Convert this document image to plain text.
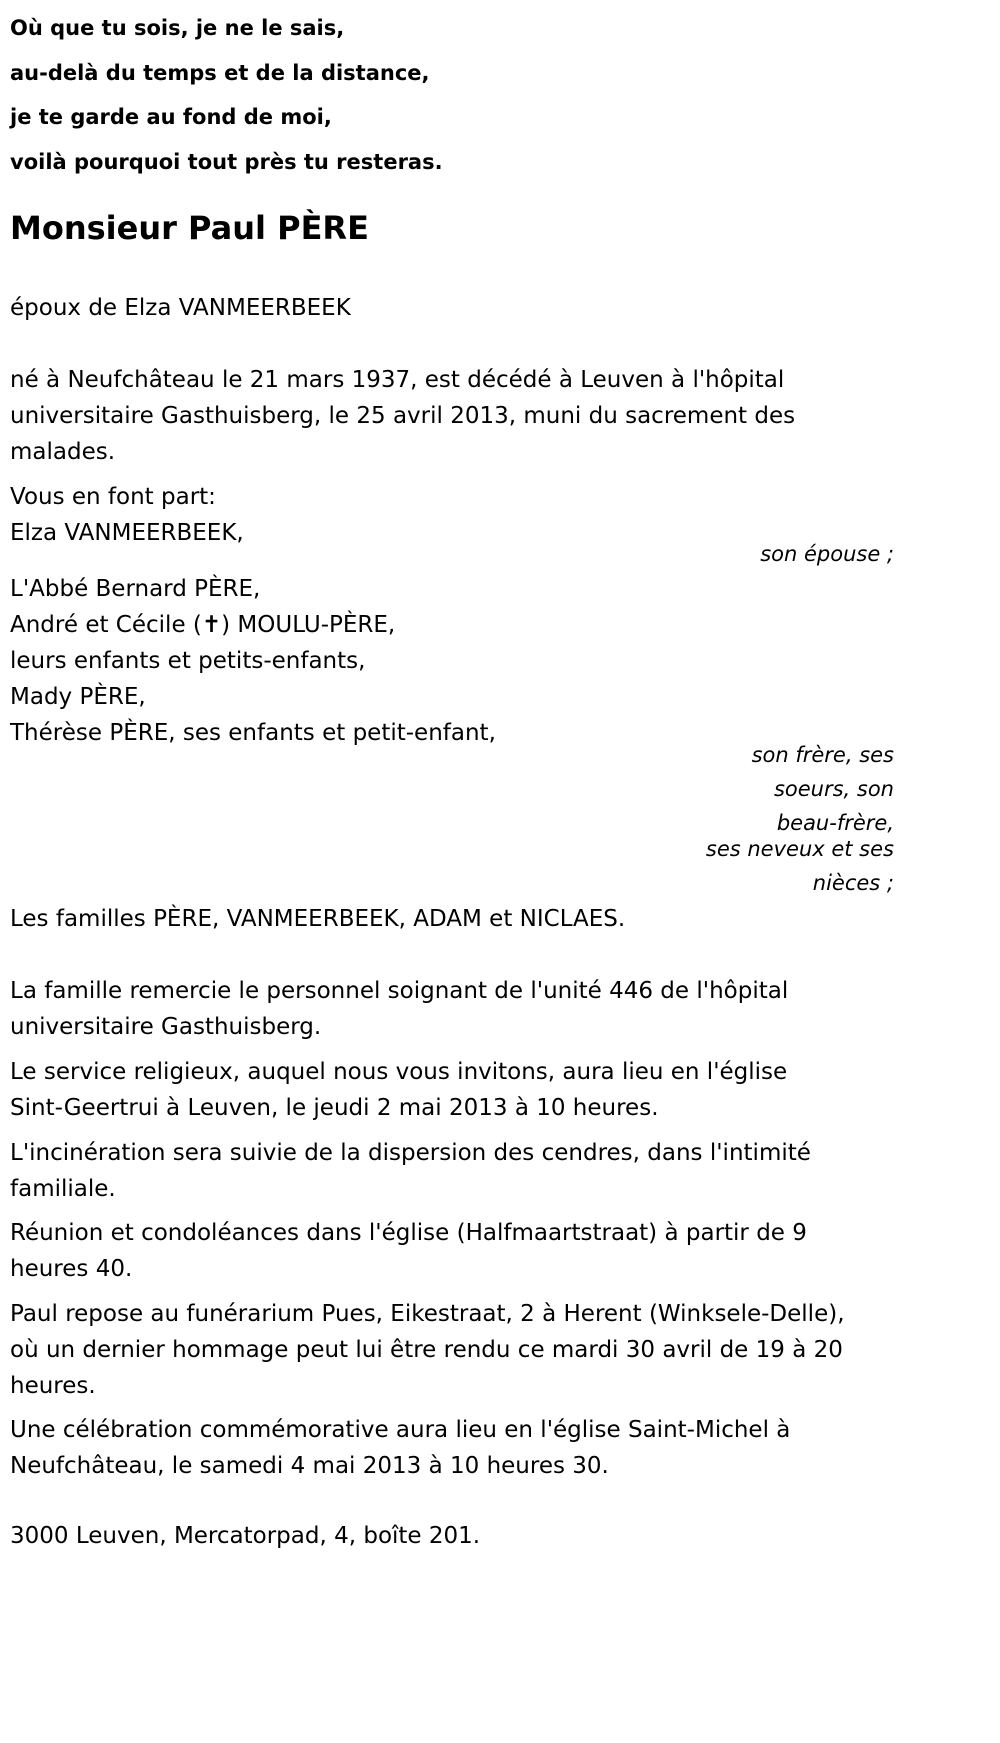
Où que tu sois, je ne le sais,
au-delà du temps et de la distance,
je te garde au fond de moi,
voilà pourquoi tout près tu resteras.
Monsieur Paul PÈRE
époux de Elza VANMEERBEEK
né à Neufchâteau le 21 mars 1937, est décédé à Leuven à l'hôpital
universitaire Gasthuisberg, le 25 avril 2013, muni du sacrement des
malades.
Vous en font part:
Elza VANMEERBEEK,
son épouse ;
L'Abbé Bernard PÈRE,
André et Cécile (✝) MOULU-PÈRE,
leurs enfants et petits-enfants,
Mady PÈRE,
Thérèse PÈRE, ses enfants et petit-enfant,
son frère, ses
soeurs, son
beau-frère,
ses neveux et ses
nièces ;
Les familles PÈRE, VANMEERBEEK, ADAM et NICLAES.
La famille remercie le personnel soignant de l'unité 446 de l'hôpital
universitaire Gasthuisberg.
Le service religieux, auquel nous vous invitons, aura lieu en l'église
Sint-Geertrui à Leuven, le jeudi 2 mai 2013 à 10 heures.
L'incinération sera suivie de la dispersion des cendres, dans l'intimité
familiale.
Réunion et condoléances dans l'église (Halfmaartstraat) à partir de 9
heures 40.
Paul repose au funérarium Pues, Eikestraat, 2 à Herent (Winksele-Delle),
où un dernier hommage peut lui être rendu ce mardi 30 avril de 19 à 20
heures.
Une célébration commémorative aura lieu en l'église Saint-Michel à
Neufchâteau, le samedi 4 mai 2013 à 10 heures 30.
3000 Leuven, Mercatorpad, 4, boîte 201.
